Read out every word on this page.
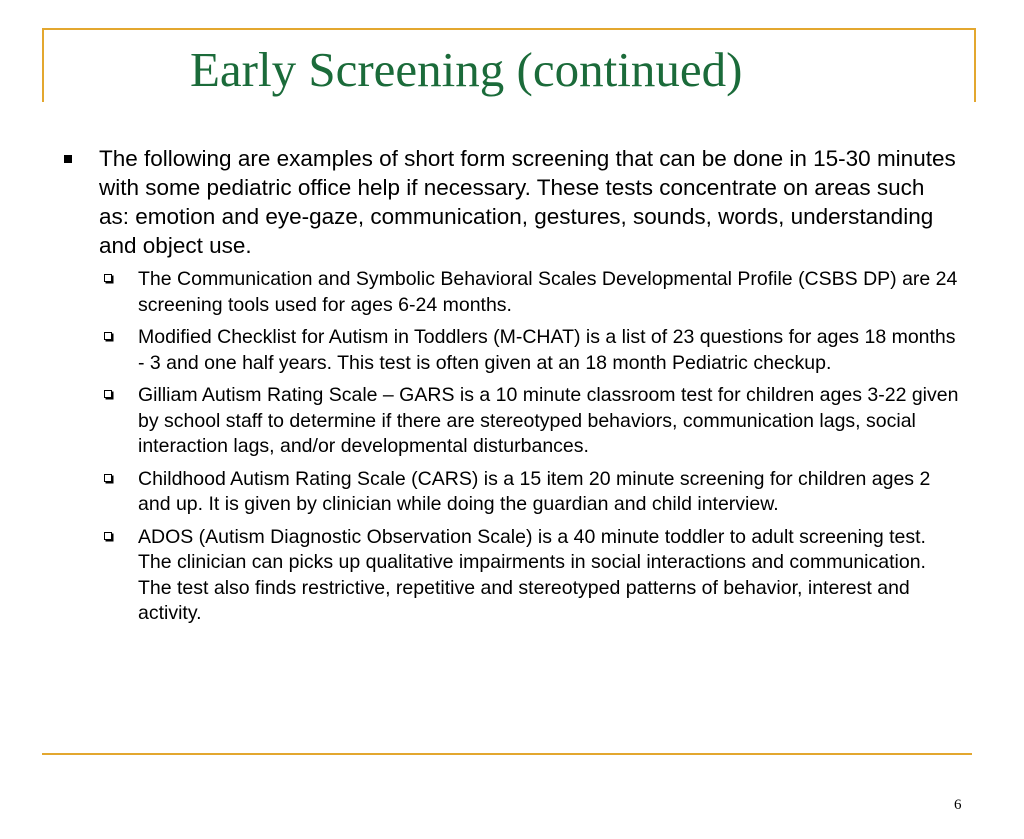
Early Screening (continued)
The following are examples of short form screening that can be done in 15-30 minutes with some pediatric office help if necessary. These tests concentrate on areas such as: emotion and eye-gaze, communication, gestures, sounds, words, understanding and object use.
The Communication and Symbolic Behavioral Scales Developmental Profile (CSBS DP) are 24 screening tools used for ages 6-24 months.
Modified Checklist for Autism in Toddlers (M-CHAT) is a list of 23 questions for ages 18 months - 3 and one half years. This test is often given at an 18 month Pediatric checkup.
Gilliam Autism Rating Scale – GARS is a 10 minute classroom test for children ages 3-22 given by school staff to determine if there are stereotyped behaviors, communication lags, social interaction lags, and/or developmental disturbances.
Childhood Autism Rating Scale (CARS) is a 15 item 20 minute screening for children ages 2 and up. It is given by clinician while doing the guardian and child interview.
ADOS (Autism Diagnostic Observation Scale) is a 40 minute toddler to adult screening test. The clinician can picks up qualitative impairments in social interactions and communication. The test also finds restrictive, repetitive and stereotyped patterns of behavior, interest and activity.
6
